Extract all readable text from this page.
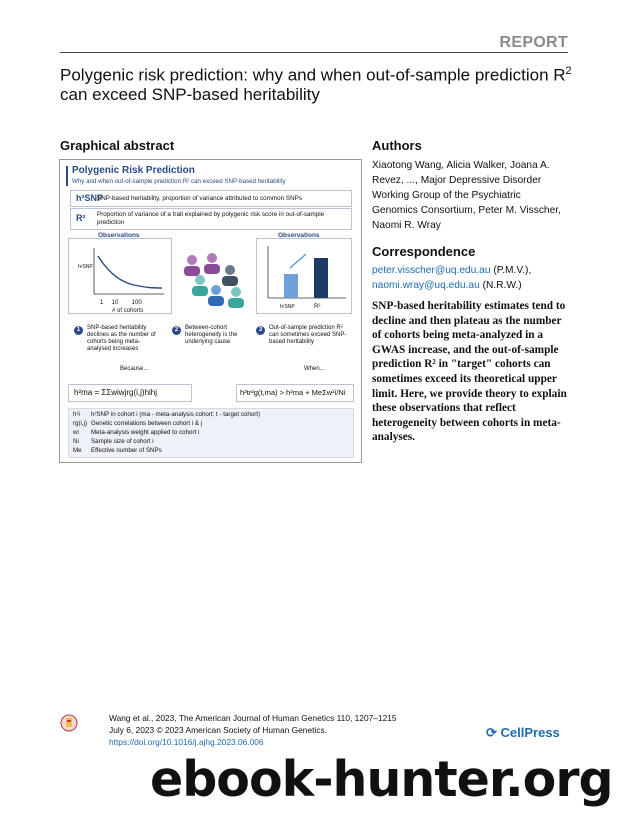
REPORT
Polygenic risk prediction: why and when out-of-sample prediction $R^2$
can exceed SNP-based heritability
Graphical abstract
Polygenic Risk Prediction
Why and when out-of-sample prediction R² can exceed SNP-based heritability
h²SNP
SNP-based heritability, proportion of variance attributed to common SNPs
R² Proportion of variance of a trait explained by polygenic risk score in out-of-sample prediction
Observations	Observations
h²SNP
1     10        100
# of cohorts
h²SNP	R²
1	SNP-based heritability declines as the number of cohorts being meta-analysed increases
2	Between-cohort heterogeneity is the underlying cause
3	Out-of-sample prediction R² can sometimes exceed SNP-based heritability
Because...	When...
h²ma = ΣΣwiwjrg(i,j)hihj	h²tr²g(t,ma) > h²ma + MeΣw²i/Ni
h²i h²SNP in cohort i (ma - meta-analysis cohort; t - target cohort)
rg(i,j) Genetic correlations between cohort i & j
wi Meta-analysis weight applied to cohort i
Ni Sample size of cohort i
Me Effective number of SNPs
Authors
Xiaotong Wang, Alicia Walker, Joana A. Revez, ..., Major Depressive Disorder Working Group of the Psychiatric Genomics Consortium, Peter M. Visscher, Naomi R. Wray
Correspondence
peter.visscher@uq.edu.au (P.M.V.),
naomi.wray@uq.edu.au (N.R.W.)
SNP-based heritability estimates tend to decline and then plateau as the number of cohorts being meta-analyzed in a GWAS increase, and the out-of-sample prediction R² in "target" cohorts can sometimes exceed its theoretical upper limit. Here, we provide theory to explain these observations that reflect heterogeneity between cohorts in meta-analyses.
Wang et al., 2023, The American Journal of Human Genetics 110, 1207–1215
July 6, 2023 © 2023 American Society of Human Genetics.
https://doi.org/10.1016/j.ajhg.2023.06.006
⟳ CellPress
ebook-hunter.org
